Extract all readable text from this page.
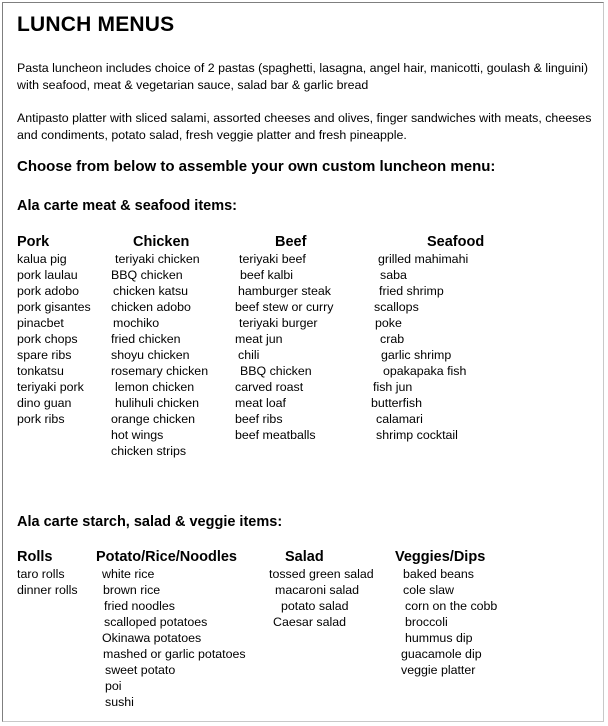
LUNCH MENUS

Pasta luncheon includes choice of 2 pastas (spaghetti, lasagna, angel hair, manicotti, goulash & linguini) with seafood, meat & vegetarian sauce, salad bar & garlic bread

Antipasto platter with sliced salami, assorted cheeses and olives, finger sandwiches with meats, cheeses and condiments, potato salad, fresh veggie platter and fresh pineapple.

Choose from below to assemble your own custom luncheon menu:
Ala carte meat & seafood items:
Pork
kalua pig
pork laulau
pork adobo
pork gisantes
pinacbet
pork chops
spare ribs
tonkatsu
teriyaki pork
dino guan
pork ribs
Chicken
teriyaki chicken
BBQ chicken
chicken katsu
chicken adobo
mochiko
fried chicken
shoyu chicken
rosemary chicken
lemon chicken
hulihuli chicken
orange chicken
hot wings
chicken strips
Beef
teriyaki beef
beef kalbi
hamburger steak
beef stew or curry
teriyaki burger
meat jun
chili
BBQ chicken
carved roast
meat loaf
beef ribs
beef meatballs
Seafood
grilled mahimahi
saba
fried shrimp
scallops
poke
crab
garlic shrimp
opakapaka fish
fish jun
butterfish
calamari
shrimp cocktail
Ala carte starch, salad & veggie items:
Rolls
taro rolls
dinner rolls
Potato/Rice/Noodles
white rice
brown rice
fried noodles
scalloped potatoes
Okinawa potatoes
mashed or garlic potatoes
sweet potato
poi
sushi
Salad
tossed green salad
macaroni salad
potato salad
Caesar salad
Veggies/Dips
baked beans
cole slaw
corn on the cobb
broccoli
hummus dip
guacamole dip
veggie platter
